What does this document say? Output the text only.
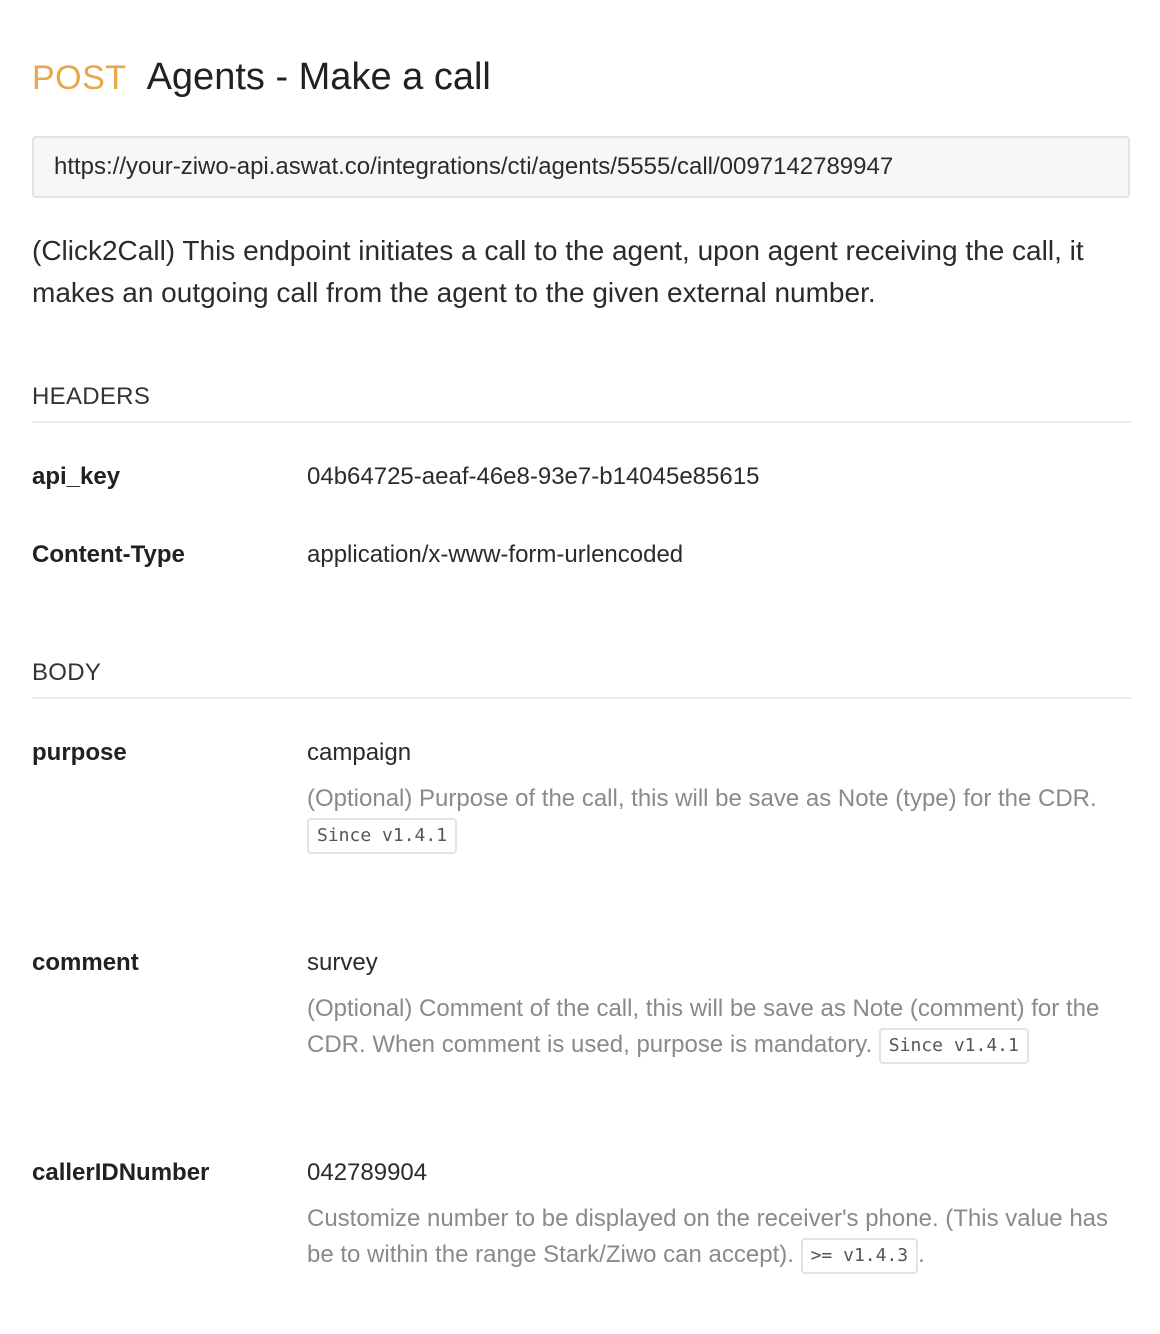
POST Agents - Make a call
https://your-ziwo-api.aswat.co/integrations/cti/agents/5555/call/0097142789947
(Click2Call) This endpoint initiates a call to the agent, upon agent receiving the call, it makes an outgoing call from the agent to the given external number.
HEADERS
api_key	04b64725-aeaf-46e8-93e7-b14045e85615
Content-Type	application/x-www-form-urlencoded
BODY
purpose	campaign
(Optional) Purpose of the call, this will be save as Note (type) for the CDR. Since v1.4.1
comment	survey
(Optional) Comment of the call, this will be save as Note (comment) for the CDR. When comment is used, purpose is mandatory. Since v1.4.1
callerIDNumber	042789904
Customize number to be displayed on the receiver's phone. (This value has be to within the range Stark/Ziwo can accept). >= v1.4.3 .
